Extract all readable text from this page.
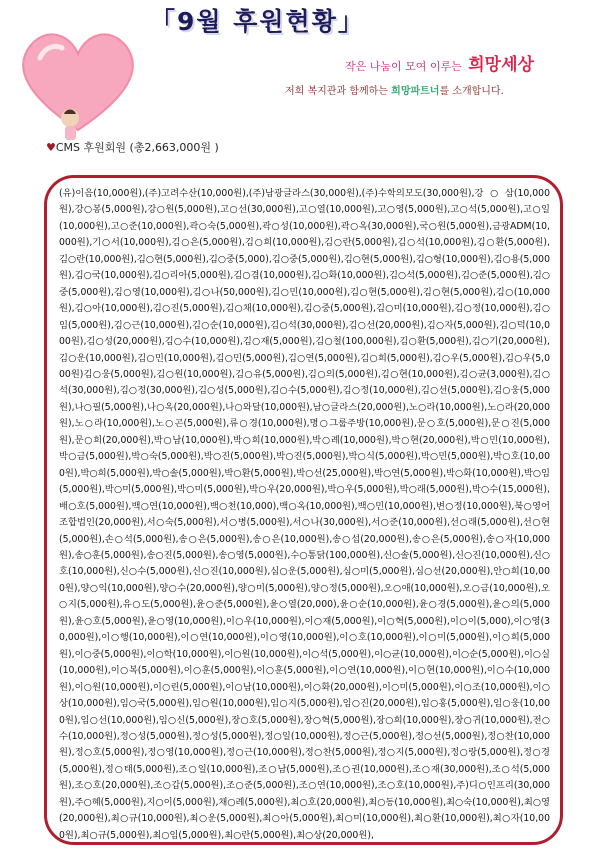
「9월 후원현황」
작은 나눔이 모여 이루는 희망세상
저희 복지관과 함께하는 희망파트너를 소개합니다.
♥CMS 후원회원 (총2,663,000원 )
(유)이음(10,000원),(주)고려수산(10,000원),(주)남광글라스(30,000원),(주)수학의모도(30,000원),강○삼(10,000원),강○봉(5,000원),강○원(5,000원),고○선(30,000원),고○열(10,000원),고○영(5,000원),고○석(5,000원),고○일(10,000원),고○준(10,000원),곽○숙(5,000원),곽○성(10,000원),곽○옥(30,000원),국○원(5,000원),금광ADM(10,000원),기○서(10,000원),김○은(5,000원),김○희(10,000원),김○란(5,000원),김○석(10,000원),김○환(5,000원),김○란(10,000원),김○현(5,000원),김○중(5,000),김○중(5,000원),김○현(5,000원),김○형(10,000원),김○용(5,000원),김○국(10,000원),김○리아(5,000원),김○겸(10,000원),김○화(10,000원),김○석(5,000원),김○준(5,000원),김○중(5,000원),김○영(10,000원),김○나(50,000원),김○민(10,000원),김○현(5,000원),김○현(5,000원),김○(10,000원),김○아(10,000원),김○진(5,000원),김○채(10,000원),김○중(5,000원),김○미(10,000원),김○정(10,000원),김○임(5,000원),김○근(10,000원),김○순(10,000원),김○석(30,000원),김○선(20,000원),김○자(5,000원),김○덕(10,000원),김○성(20,000원),김○수(10,000원),김○재(5,000원),김○철(100,000원),김○환(5,000원),김○기(20,000원),김○운(10,000원),김○민(10,000원),김○민(5,000원),김○연(5,000원),김○희(5,000원),김○우(5,000원),김○우(5,000원)김○웅(5,000원),김○원(10,000원),김○유(5,000원),김○의(5,000원),김○현(10,000원),김○균(3,000원),김○석(30,000원),김○정(30,000원),김○성(5,000원),김○수(5,000원),김○정(10,000원),김○선(5,000원),김○웅(5,000원),나○필(5,000원),나○옥(20,000원),나○와달(10,000원),남○글라스(20,000원),노○라(10,000원),노○라(20,000원),노○라(10,000원),노○곤(5,000원),류○경(10,000원),명○그룹주방(10,000원),문○호(5,000원),문○진(5,000원),문○희(20,000원),박○남(10,000원),박○희(10,000원),박○례(10,000원),박○현(20,000원),박○민(10,000원),박○금(5,000원),박○숙(5,000원),박○진(5,000원),박○진(5,000원),박○식(5,000원),박○민(5,000원),박○호(10,000원),박○희(5,000원),박○솔(5,000원),박○환(5,000원),박○선(25,000원),박○연(5,000원),박○화(10,000원),박○임(5,000원),박○미(5,000원),박○미(5,000원),박○우(20,000원),박○우(5,000원),박○래(5,000원),박○수(15,000원),배○호(5,000원),백○연(10,000원),백○천(10,000),백○옥(10,000원),백○민(10,000원),변○정(10,000원),북○영어조합법인(20,000원),서○숙(5,000원),서○병(5,000원),서○나(30,000원),서○준(10,000원),선○래(5,000원),선○현(5,000원),손○석(5,000원),송○은(5,000원),송○은(10,000원),송○섭(20,000원),송○은(5,000원),송○자(10,000원),송○훈(5,000원),송○진(5,000원),송○영(5,000원),수○통닭(100,000원),신○솔(5,000원),신○진(10,000원),신○호(10,000원),신○수(5,000원),신○진(10,000원),심○운(5,000원),심○미(5,000원),심○선(20,000원),안○희(10,000원),양○익(10,000원),양○수(20,000원),양○미(5,000원),양○정(5,000원),오○애(10,000원),오○금(10,000원),오○지(5,000원),유○도(5,000원),윤○준(5,000원),윤○열(20,000),윤○순(10,000원),윤○경(5,000원),윤○의(5,000원),윤○호(5,000원),윤○영(10,000원),이○우(10,000원),이○재(5,000원),이○혁(5,000원),이○이(5,000),이○영(30,000원),이○행(10,000원),이○연(10,000원),이○영(10,000원),이○호(10,000원),이○미(5,000원),이○희(5,000원),이○중(5,000원),이○학(10,000원),이○원(10,000원),이○석(5,000원),이○균(10,000원),이○순(5,000원),이○실(10,000원),이○복(5,000원),이○훈(5,000원),이○훈(5,000원),이○연(10,000원),이○현(10,000원),이○수(10,000원),이○원(10,000원),이○린(5,000원),이○남(10,000원),이○화(20,000원),이○미(5,000원),이○조(10,000원),이○상(10,000원),임○국(5,000원),임○원(10,000원),임○지(5,000원),임○진(20,000원),임○홍(5,000원),임○웅(10,000원),임○선(10,000원),임○신(5,000원),장○호(5,000원),장○혁(5,000원),장○희(10,000원),장○귀(10,000원),전○수(10,000원),정○성(5,000원),정○성(5,000원),정○일(10,000원),정○근(5,000원),정○선(5,000원),정○찬(10,000원),정○호(5,000원),정○영(10,000원),정○근(10,000원),정○찬(5,000원),정○지(5,000원),정○랑(5,000원),정○경(5,000원),정○태(5,000원),조○일(10,000원),조○남(5,000원),조○권(10,000원),조○재(30,000원),조○석(5,000원),조○호(20,000원),조○갑(5,000원),조○준(5,000원),조○연(10,000원),조○호(10,000원),주)디○인프리(30,000원),주○혜(5,000원),지○이(5,000원),채○례(5,000원),최○호(20,000원),최○동(10,000원),최○숙(10,000원),최○영(20,000원),최○규(10,000원),최○운(5,000원),최○아(5,000원),최○미(10,000원),최○환(10,000원),최○자(10,000원),최○규(5,000원),최○임(5,000원),최○란(5,000원),최○상(20,000원),
